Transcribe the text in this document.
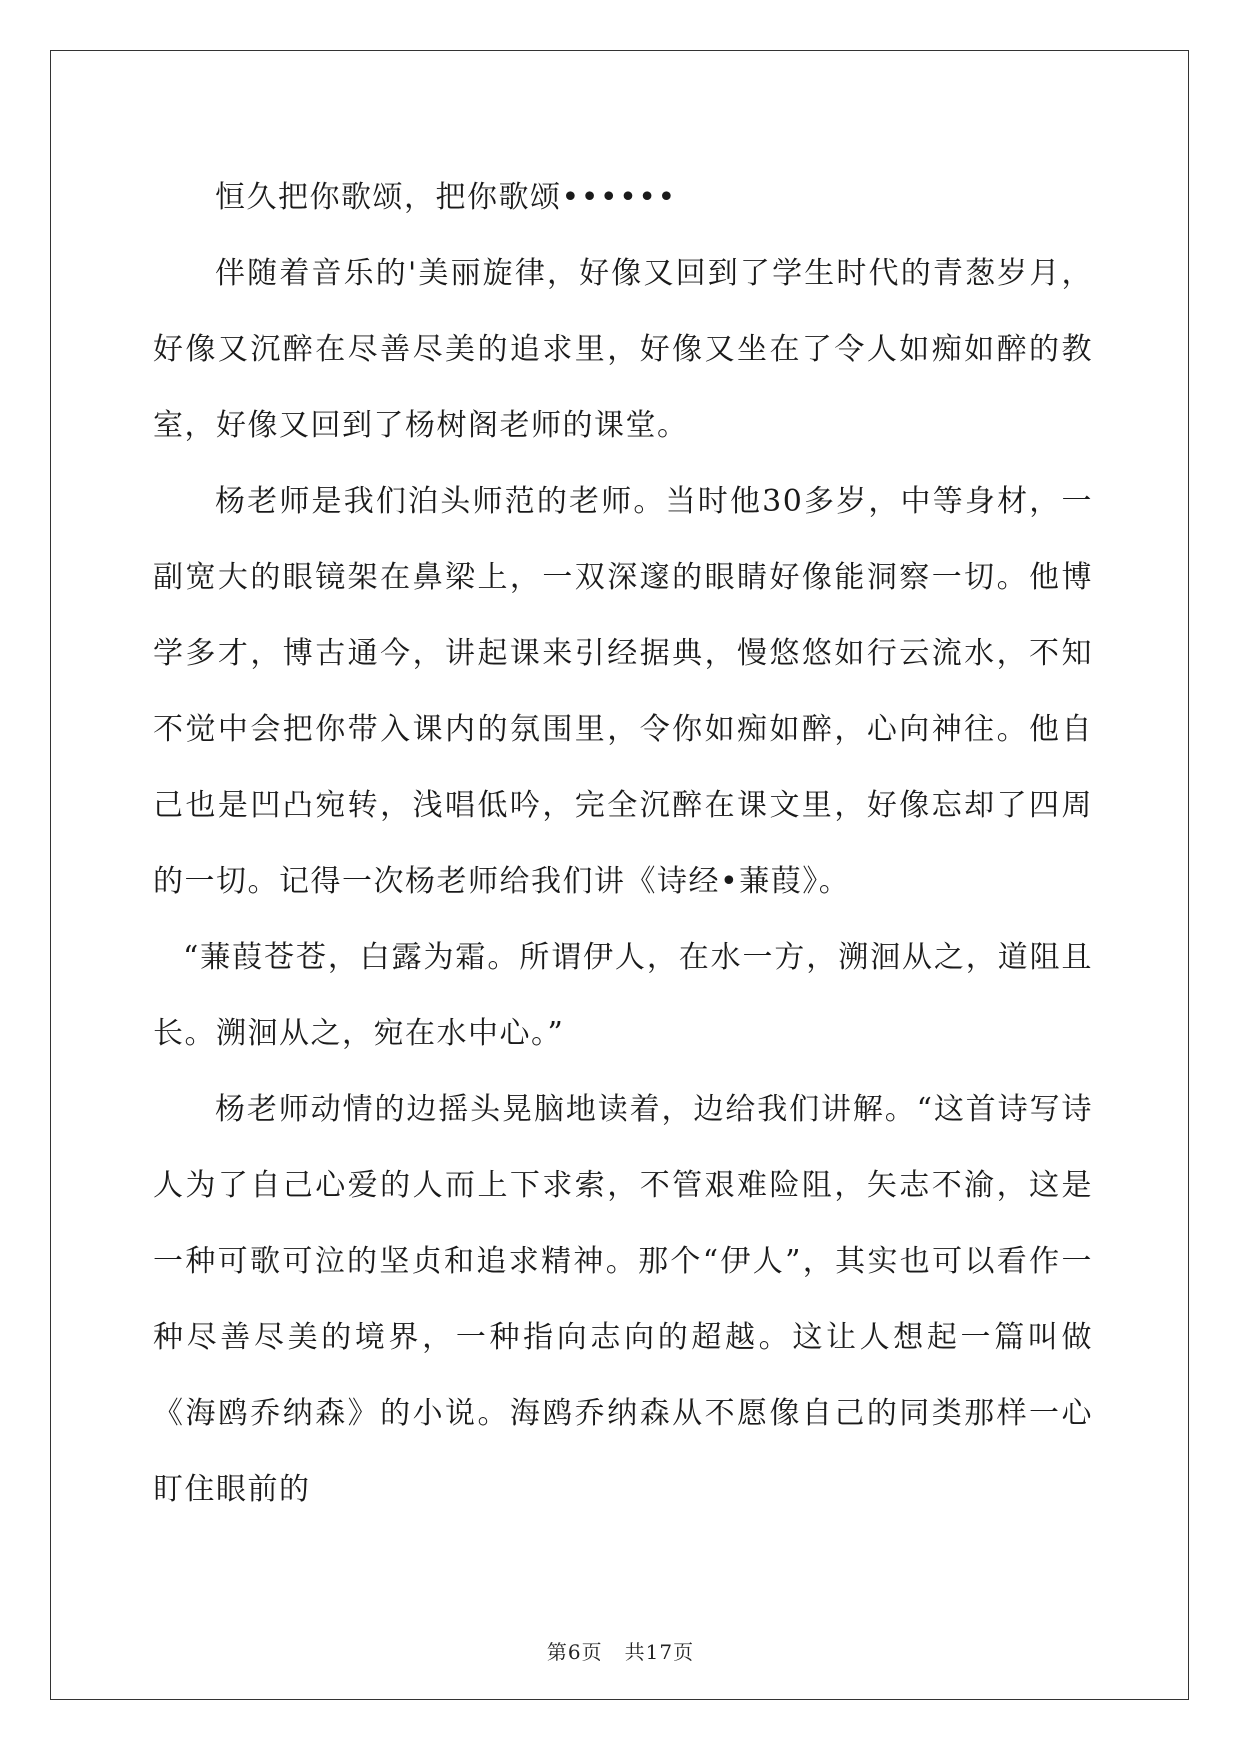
恒久把你歌颂，把你歌颂••••••

伴随着音乐的'美丽旋律，好像又回到了学生时代的青葱岁月，好像又沉醉在尽善尽美的追求里，好像又坐在了令人如痴如醉的教室，好像又回到了杨树阁老师的课堂。

杨老师是我们泊头师范的老师。当时他30多岁，中等身材，一副宽大的眼镜架在鼻梁上，一双深邃的眼睛好像能洞察一切。他博学多才，博古通今，讲起课来引经据典，慢悠悠如行云流水，不知不觉中会把你带入课内的氛围里，令你如痴如醉，心向神往。他自己也是凹凸宛转，浅唱低吟，完全沉醉在课文里，好像忘却了四周的一切。记得一次杨老师给我们讲《诗经•蒹葭》。

“蒹葭苍苍，白露为霜。所谓伊人，在水一方，溯洄从之，道阻且长。溯洄从之，宛在水中心。”

杨老师动情的边摇头晃脑地读着，边给我们讲解。“这首诗写诗人为了自己心爱的人而上下求索，不管艰难险阻，矢志不渝，这是一种可歌可泣的坚贞和追求精神。那个“伊人”，其实也可以看作一种尽善尽美的境界，一种指向志向的超越。这让人想起一篇叫做《海鸥乔纳森》的小说。海鸥乔纳森从不愿像自己的同类那样一心盯住眼前的

第6页 共17页
